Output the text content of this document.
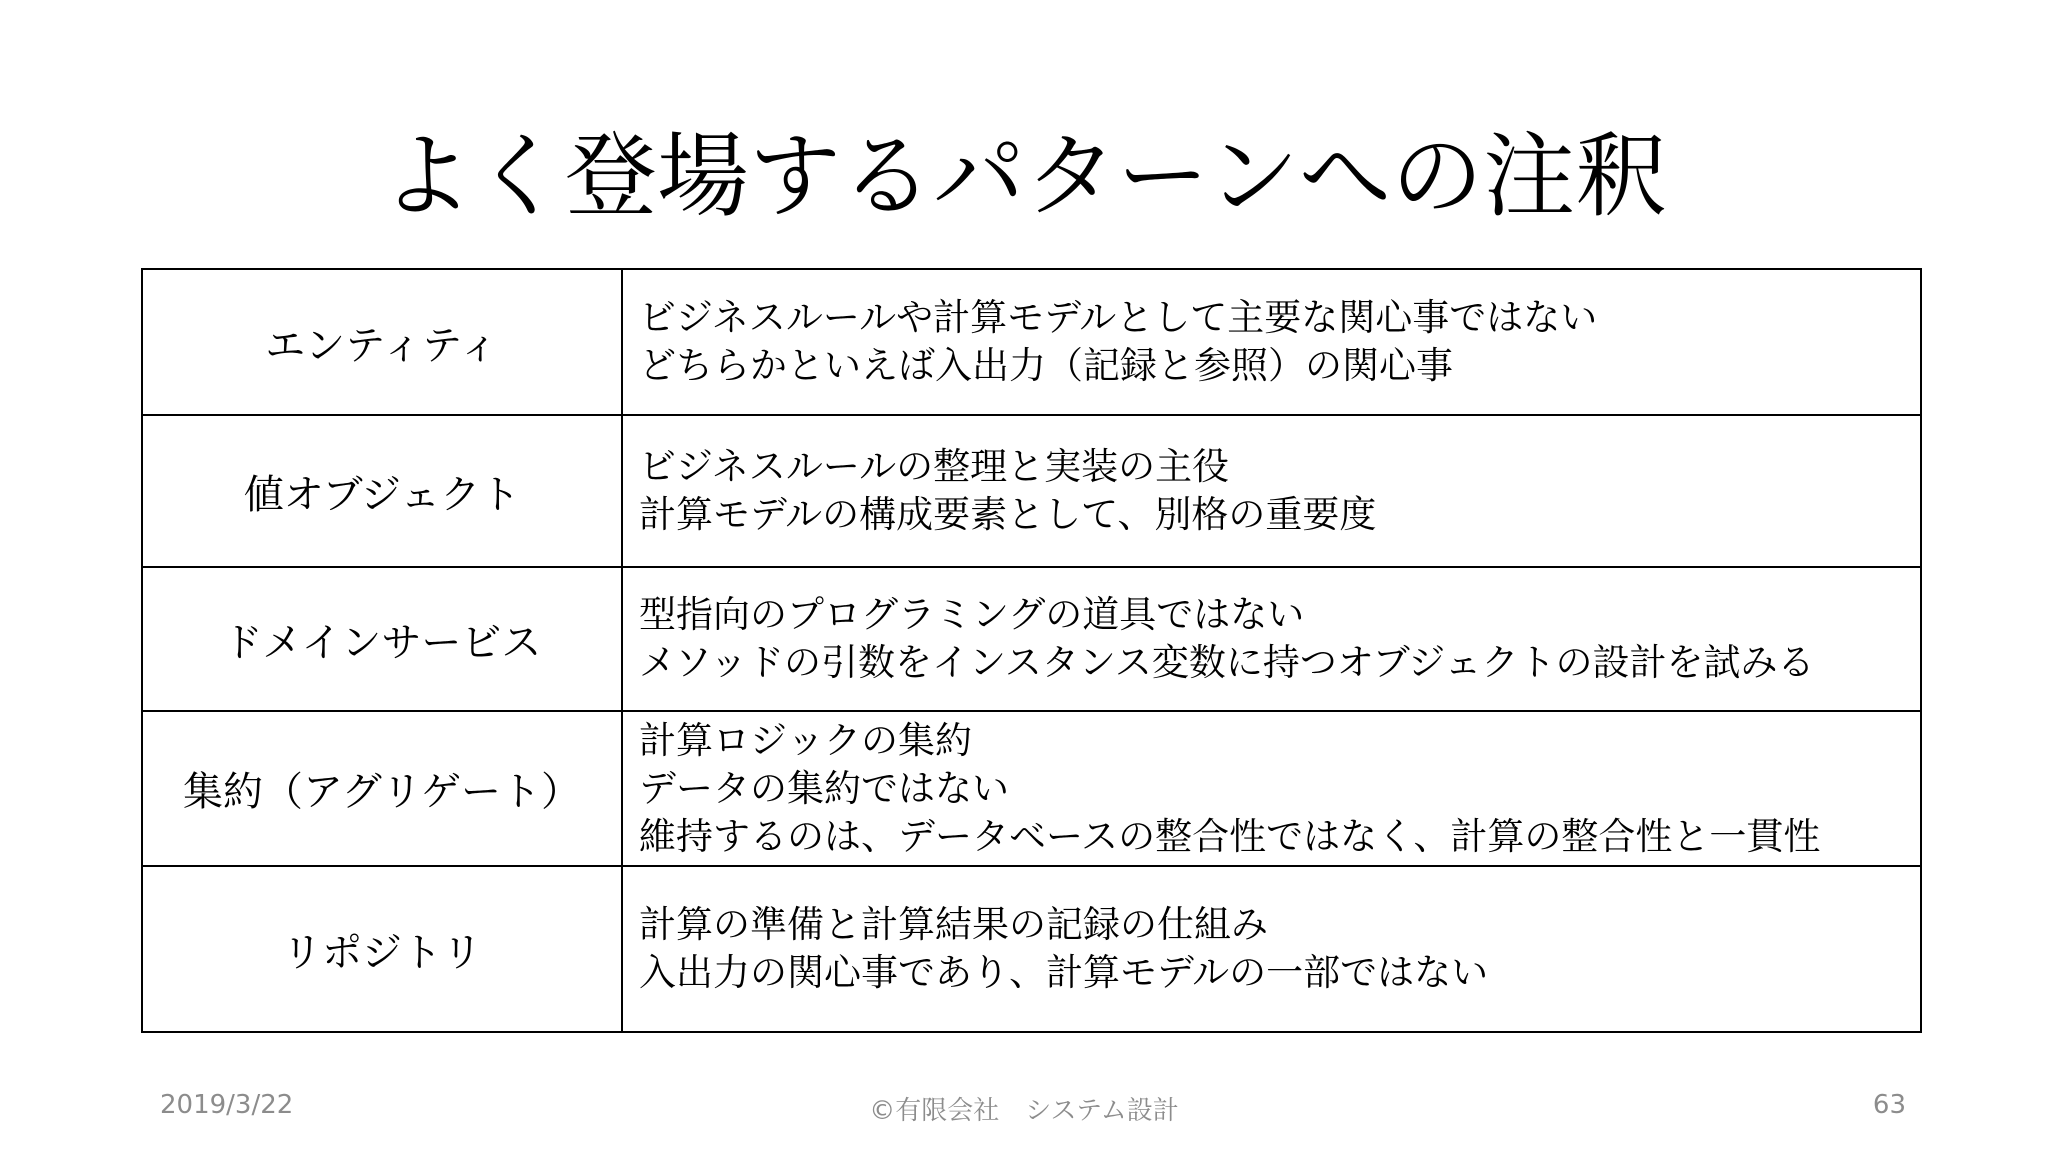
よく登場するパターンへの注釈
エンティティ	ビジネスルールや計算モデルとして主要な関心事ではない
どちらかといえば入出力（記録と参照）の関心事

値オブジェクト	ビジネスルールの整理と実装の主役
計算モデルの構成要素として、別格の重要度

ドメインサービス	型指向のプログラミングの道具ではない
メソッドの引数をインスタンス変数に持つオブジェクトの設計を試みる

集約（アグリゲート）	計算ロジックの集約
データの集約ではない
維持するのは、データベースの整合性ではなく、計算の整合性と一貫性

リポジトリ	計算の準備と計算結果の記録の仕組み
入出力の関心事であり、計算モデルの一部ではない
2019/3/22	©有限会社　システム設計	63
